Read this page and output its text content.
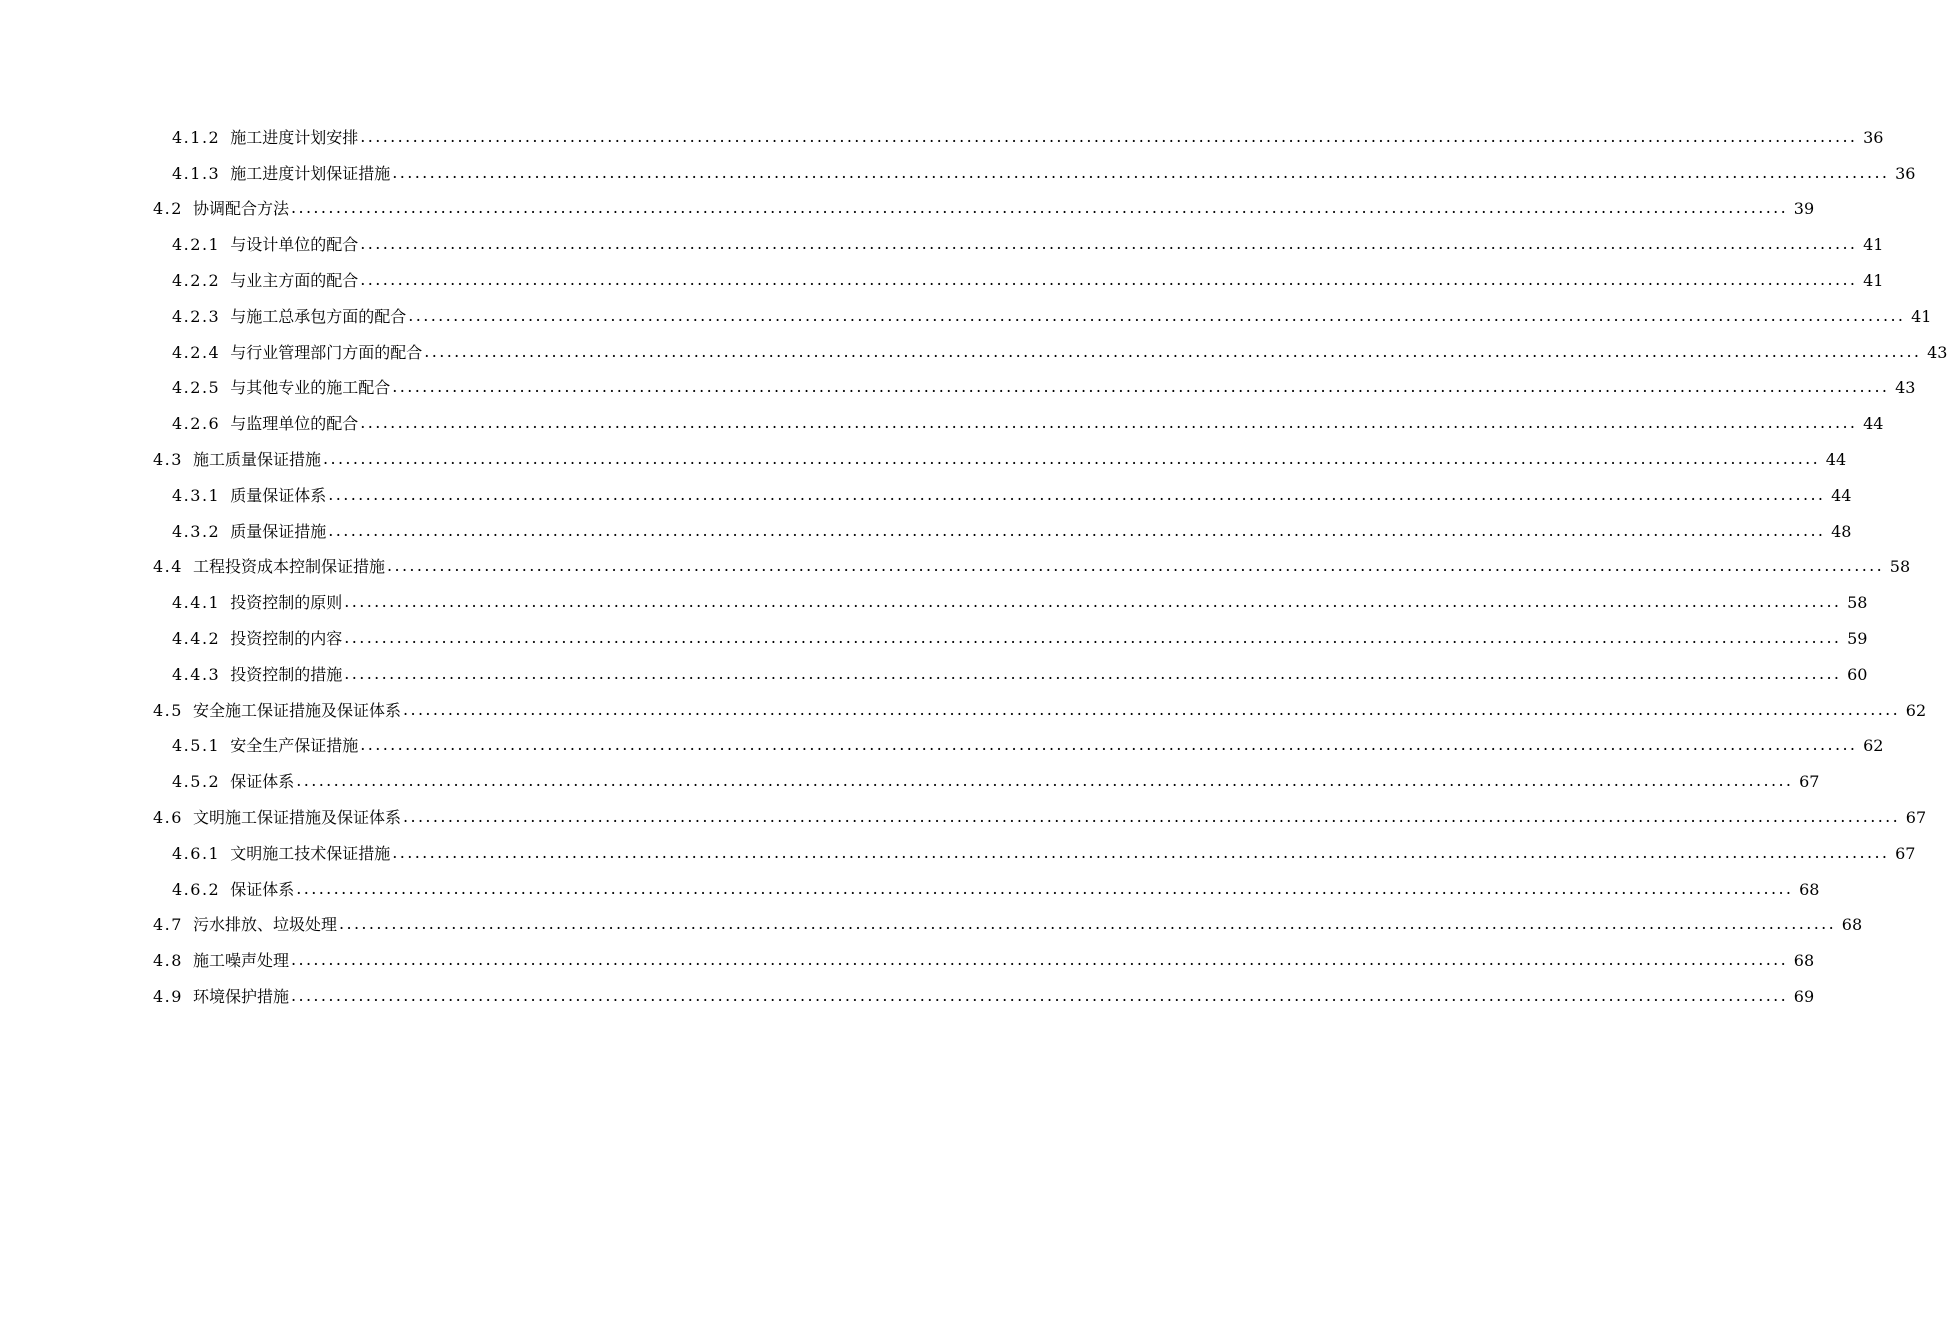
4.1.2 施工进度计划安排 ........................................................................................................................................................................................................ 36
4.1.3 施工进度计划保证措施 ........................................................................................................................................................................................................ 36
4.2 协调配合方法 ........................................................................................................................................................................................................ 39
4.2.1 与设计单位的配合 ........................................................................................................................................................................................................ 41
4.2.2 与业主方面的配合 ........................................................................................................................................................................................................ 41
4.2.3 与施工总承包方面的配合 ........................................................................................................................................................................................................ 41
4.2.4 与行业管理部门方面的配合 ........................................................................................................................................................................................................ 43
4.2.5 与其他专业的施工配合 ........................................................................................................................................................................................................ 43
4.2.6 与监理单位的配合 ........................................................................................................................................................................................................ 44
4.3 施工质量保证措施 ........................................................................................................................................................................................................ 44
4.3.1 质量保证体系 ........................................................................................................................................................................................................ 44
4.3.2 质量保证措施 ........................................................................................................................................................................................................ 48
4.4 工程投资成本控制保证措施 ........................................................................................................................................................................................................ 58
4.4.1 投资控制的原则 ........................................................................................................................................................................................................ 58
4.4.2 投资控制的内容 ........................................................................................................................................................................................................ 59
4.4.3 投资控制的措施 ........................................................................................................................................................................................................ 60
4.5 安全施工保证措施及保证体系 ........................................................................................................................................................................................................ 62
4.5.1 安全生产保证措施 ........................................................................................................................................................................................................ 62
4.5.2 保证体系 ........................................................................................................................................................................................................ 67
4.6 文明施工保证措施及保证体系 ........................................................................................................................................................................................................ 67
4.6.1 文明施工技术保证措施 ........................................................................................................................................................................................................ 67
4.6.2 保证体系 ........................................................................................................................................................................................................ 68
4.7 污水排放、垃圾处理 ........................................................................................................................................................................................................ 68
4.8 施工噪声处理 ........................................................................................................................................................................................................ 68
4.9 环境保护措施 ........................................................................................................................................................................................................ 69
